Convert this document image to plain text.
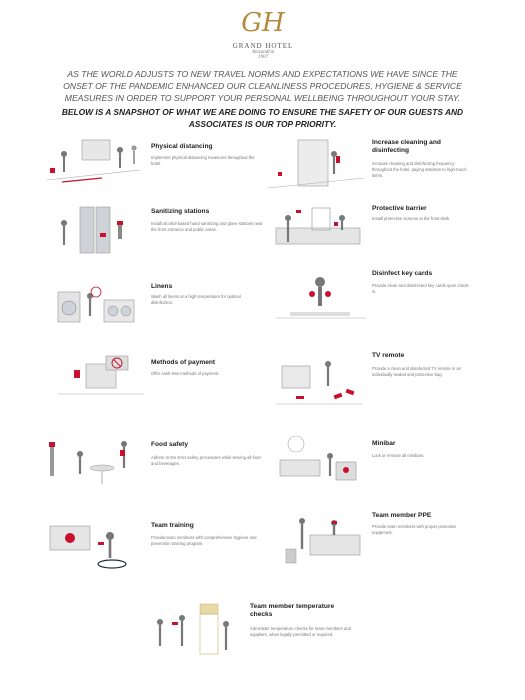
GH
GRAND HOTEL
Alexandria
1907
AS THE WORLD ADJUSTS TO NEW TRAVEL NORMS AND EXPECTATIONS WE HAVE SINCE THE ONSET OF THE PANDEMIC ENHANCED OUR CLEANLINESS PROCEDURES, HYGIENE & SERVICE MEASURES IN ORDER TO SUPPORT YOUR PERSONAL WELLBEING THROUGHOUT YOUR STAY.
BELOW IS A SNAPSHOT OF WHAT WE ARE DOING TO ENSURE THE SAFETY OF OUR GUESTS AND ASSOCIATES IS OUR TOP PRIORITY.
Physical distancing
Implement physical distancing measures throughout the hotel.
Increase cleaning and disinfecting
Increase cleaning and disinfecting frequency throughout the hotel, paying attention to high-touch items.
Sanitizing stations
Install alcohol-based hand sanitizing and glove stations near the front entrance and public areas.
Protective barrier
Install protective screens at the front desk.
Disinfect key cards
Provide clean and disinfected key cards upon check-in.
Linens
Wash all linens at a high temperature for optimal disinfection.
Methods of payment
Offer cash-less methods of payment.
TV remote
Provide a clean and disinfected TV remote in an individually sealed and protective bag.
Food safety
Adhere to the strict safety procedures while serving all food and beverages.
Minibar
Lock or remove all minibars.
Team member PPE
Provide team members with proper protective equipment.
Team training
Provide team members with comprehensive hygiene and prevention training program.
Team member temperature checks
Administer temperature checks for team members and suppliers, when legally permitted or required.
